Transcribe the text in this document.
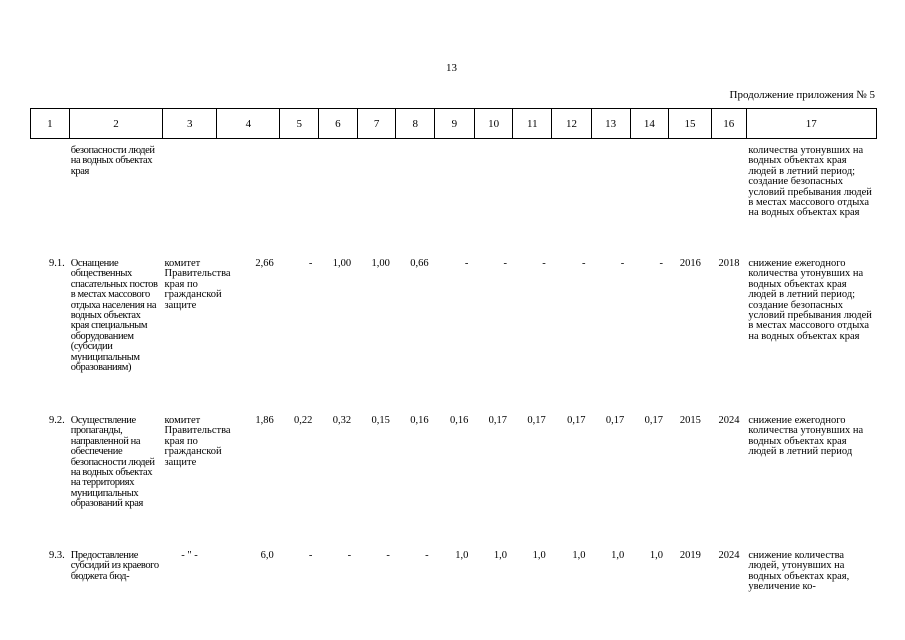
13
Продолжение приложения № 5
1	2	3	4	5	6	7	8	9	10	11	12	13	14	15	16	17
	безопасности людей на водных объектах края															количества утонувших на водных объектах края людей в летний период; создание безопасных условий пребывания людей в местах массового отдыха на водных объектах края
9.1.	Оснащение общественных спасательных постов в местах массового отдыха населения на водных объектах края специальным оборудованием (субсидии муниципальным образованиям)	комитет Правительства края по гражданской защите	2,66	-	1,00	1,00	0,66	-	-	-	-	-	-	2016	2018	снижение ежегодного количества утонувших на водных объектах края людей в летний период; создание безопасных условий пребывания людей в местах массового отдыха на водных объектах края
9.2.	Осуществление пропаганды, направленной на обеспечение безопасности людей на водных объектах на территориях муниципальных образований края	комитет Правительства края по гражданской защите	1,86	0,22	0,32	0,15	0,16	0,16	0,17	0,17	0,17	0,17	0,17	2015	2024	снижение ежегодного количества утонувших на водных объектах края людей в летний период
9.3.	Предоставление субсидий из краевого бюджета бюд-	- " -	6,0	-	-	-	-	1,0	1,0	1,0	1,0	1,0	1,0	2019	2024	снижение количества людей, утонувших на водных объектах края, увеличение ко-
